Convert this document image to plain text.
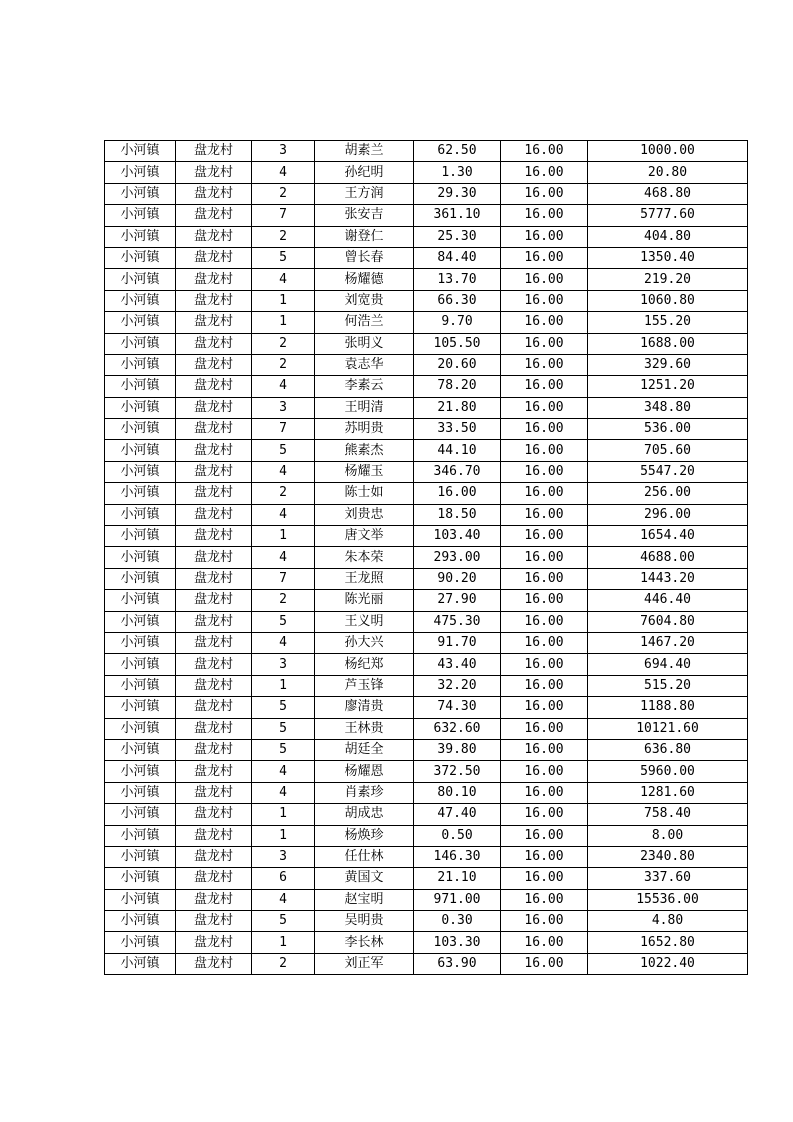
小河镇	盘龙村	3	胡素兰	62.50	16.00	1000.00
小河镇	盘龙村	4	孙纪明	1.30	16.00	20.80
小河镇	盘龙村	2	王方润	29.30	16.00	468.80
小河镇	盘龙村	7	张安吉	361.10	16.00	5777.60
小河镇	盘龙村	2	谢登仁	25.30	16.00	404.80
小河镇	盘龙村	5	曾长春	84.40	16.00	1350.40
小河镇	盘龙村	4	杨耀德	13.70	16.00	219.20
小河镇	盘龙村	1	刘宽贵	66.30	16.00	1060.80
小河镇	盘龙村	1	何浩兰	9.70	16.00	155.20
小河镇	盘龙村	2	张明义	105.50	16.00	1688.00
小河镇	盘龙村	2	袁志华	20.60	16.00	329.60
小河镇	盘龙村	4	李素云	78.20	16.00	1251.20
小河镇	盘龙村	3	王明清	21.80	16.00	348.80
小河镇	盘龙村	7	苏明贵	33.50	16.00	536.00
小河镇	盘龙村	5	熊素杰	44.10	16.00	705.60
小河镇	盘龙村	4	杨耀玉	346.70	16.00	5547.20
小河镇	盘龙村	2	陈士如	16.00	16.00	256.00
小河镇	盘龙村	4	刘贵忠	18.50	16.00	296.00
小河镇	盘龙村	1	唐文举	103.40	16.00	1654.40
小河镇	盘龙村	4	朱本荣	293.00	16.00	4688.00
小河镇	盘龙村	7	王龙照	90.20	16.00	1443.20
小河镇	盘龙村	2	陈光丽	27.90	16.00	446.40
小河镇	盘龙村	5	王义明	475.30	16.00	7604.80
小河镇	盘龙村	4	孙大兴	91.70	16.00	1467.20
小河镇	盘龙村	3	杨纪郑	43.40	16.00	694.40
小河镇	盘龙村	1	芦玉锋	32.20	16.00	515.20
小河镇	盘龙村	5	廖清贵	74.30	16.00	1188.80
小河镇	盘龙村	5	王林贵	632.60	16.00	10121.60
小河镇	盘龙村	5	胡廷全	39.80	16.00	636.80
小河镇	盘龙村	4	杨耀恩	372.50	16.00	5960.00
小河镇	盘龙村	4	肖素珍	80.10	16.00	1281.60
小河镇	盘龙村	1	胡成忠	47.40	16.00	758.40
小河镇	盘龙村	1	杨焕珍	0.50	16.00	8.00
小河镇	盘龙村	3	任仕林	146.30	16.00	2340.80
小河镇	盘龙村	6	黄国文	21.10	16.00	337.60
小河镇	盘龙村	4	赵宝明	971.00	16.00	15536.00
小河镇	盘龙村	5	吴明贵	0.30	16.00	4.80
小河镇	盘龙村	1	李长林	103.30	16.00	1652.80
小河镇	盘龙村	2	刘正军	63.90	16.00	1022.40
